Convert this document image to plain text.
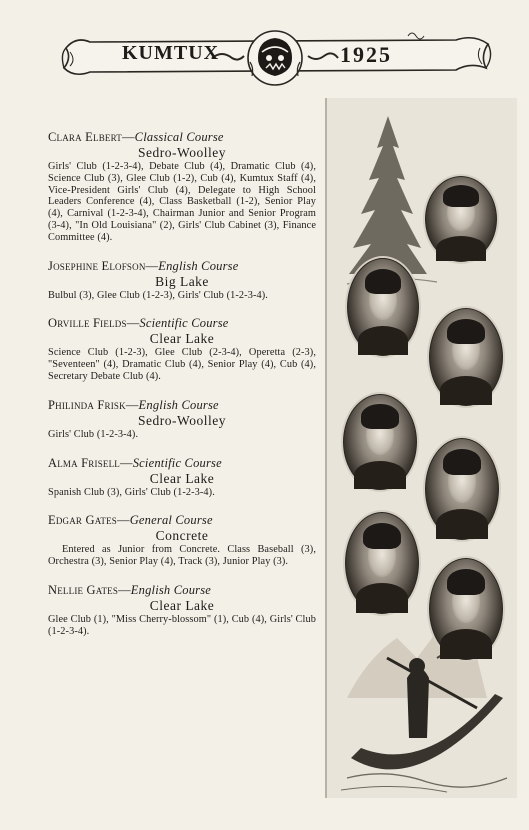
KUMTUX	1925
Clara Elbert—Classical Course
Sedro-Woolley
Girls' Club (1-2-3-4), Debate Club (4), Dramatic Club (4), Science Club (3), Glee Club (1-2), Cub (4), Kumtux Staff (4), Vice-President Girls' Club (4), Delegate to High School Leaders Conference (4), Class Basketball (1-2), Senior Play (4), Carnival (1-2-3-4), Chairman Junior and Senior Program (3-4), "In Old Louisiana" (2), Girls' Club Cabinet (3), Finance Committee (4).
Josephine Elofson—English Course
Big Lake
Bulbul (3), Glee Club (1-2-3), Girls' Club (1-2-3-4).
Orville Fields—Scientific Course
Clear Lake
Science Club (1-2-3), Glee Club (2-3-4), Operetta (2-3), "Seventeen" (4), Dramatic Club (4), Senior Play (4), Cub (4), Secretary Debate Club (4).
Philinda Frisk—English Course
Sedro-Woolley
Girls' Club (1-2-3-4).
Alma Frisell—Scientific Course
Clear Lake
Spanish Club (3), Girls' Club (1-2-3-4).
Edgar Gates—General Course
Concrete
Entered as Junior from Concrete. Class Baseball (3), Orchestra (3), Senior Play (4), Track (3), Junior Play (3).
Nellie Gates—English Course
Clear Lake
Glee Club (1), "Miss Cherry-blossom" (1), Cub (4), Girls' Club (1-2-3-4).
